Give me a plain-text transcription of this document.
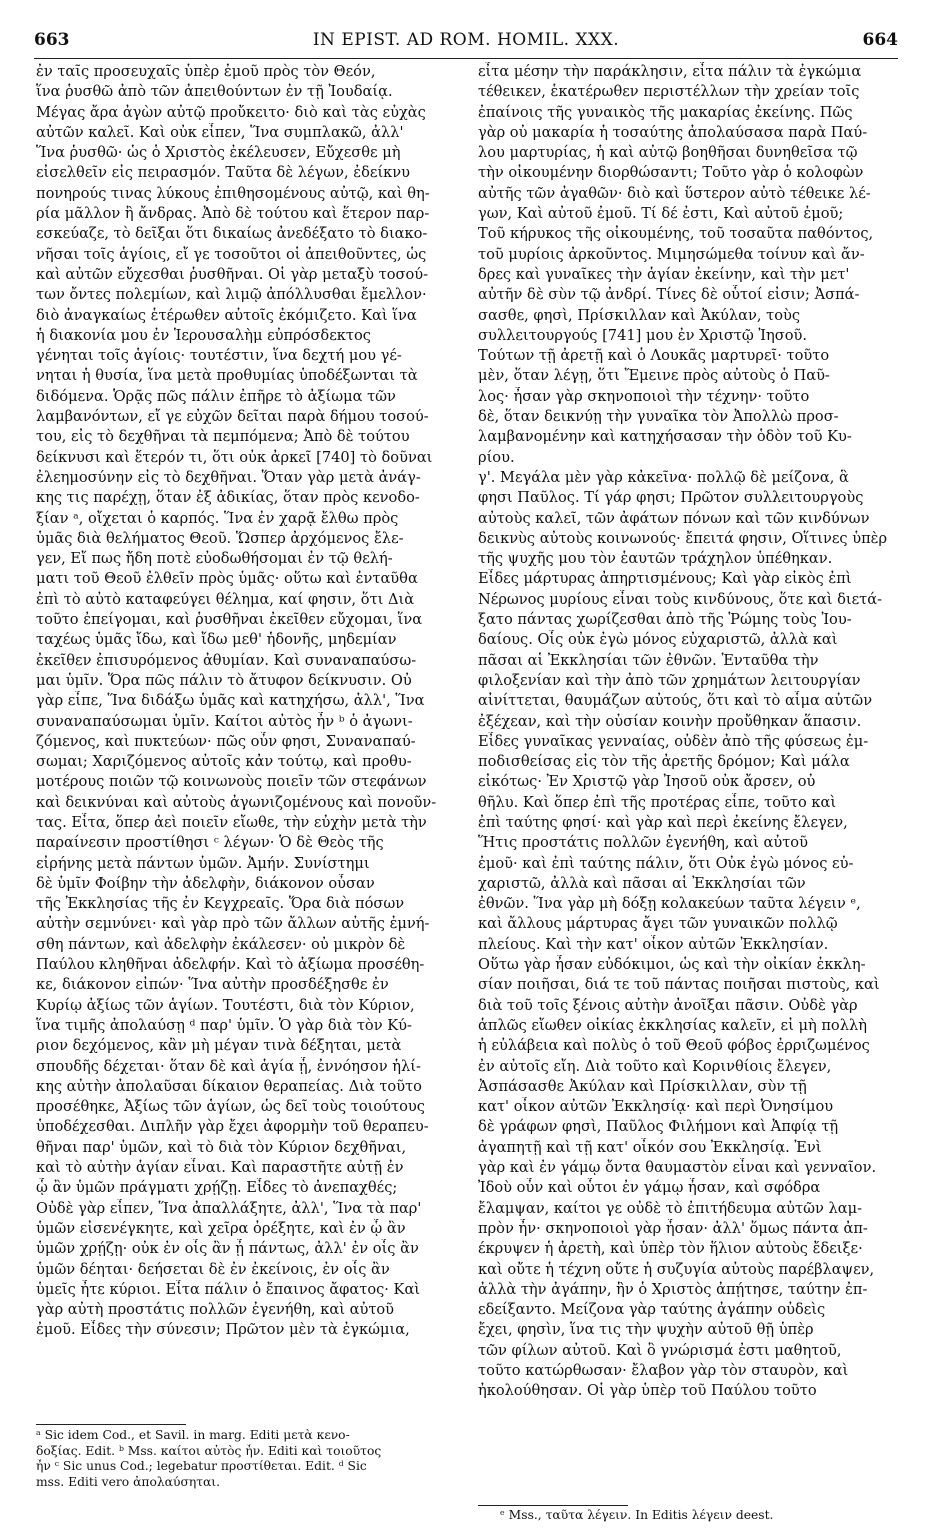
663	IN EPIST. AD ROM. HOMIL. XXX.	664
ἐν ταῖς προσευχαῖς ὑπὲρ ἐμοῦ πρὸς τὸν Θεόν,
ἵνα ῥυσθῶ ἀπὸ τῶν ἀπειθούντων ἐν τῇ Ἰουδαίᾳ.
Μέγας ἄρα ἀγὼν αὐτῷ προὔκειτο· διὸ καὶ τὰς εὐχὰς
αὐτῶν καλεῖ. Καὶ οὐκ εἶπεν, Ἵνα συμπλακῶ, ἀλλ'
Ἵνα ῥυσθῶ· ὡς ὁ Χριστὸς ἐκέλευσεν, Εὔχεσθε μὴ
εἰσελθεῖν εἰς πειρασμόν. Ταῦτα δὲ λέγων, ἐδείκνυ
πονηρούς τινας λύκους ἐπιθησομένους αὐτῷ, καὶ θη-
ρία μᾶλλον ἢ ἄνδρας. Ἀπὸ δὲ τούτου καὶ ἕτερον παρ-
εσκεύαζε, τὸ δεῖξαι ὅτι δικαίως ἀνεδέξατο τὸ διακο-
νῆσαι τοῖς ἁγίοις, εἴ γε τοσοῦτοι οἱ ἀπειθοῦντες, ὡς
καὶ αὐτῶν εὔχεσθαι ῥυσθῆναι. Οἱ γὰρ μεταξὺ τοσού-
των ὄντες πολεμίων, καὶ λιμῷ ἀπόλλυσθαι ἔμελλον·
διὸ ἀναγκαίως ἑτέρωθεν αὐτοῖς ἐκόμιζετο. Καὶ ἵνα
ἡ διακονία μου ἐν Ἱερουσαλὴμ εὐπρόσδεκτος
γένηται τοῖς ἁγίοις· τουτέστιν, ἵνα δεχτή μου γέ-
νηται ἡ θυσία, ἵνα μετὰ προθυμίας ὑποδέξωνται τὰ
διδόμενα. Ὁρᾷς πῶς πάλιν ἐπῆρε τὸ ἀξίωμα τῶν
λαμβανόντων, εἴ γε εὐχῶν δεῖται παρὰ δήμου τοσού-
του, εἰς τὸ δεχθῆναι τὰ πεμπόμενα; Ἀπὸ δὲ τούτου
δείκνυσι καὶ ἕτερόν τι, ὅτι οὐκ ἀρκεῖ [740] τὸ δοῦναι
ἐλεημοσύνην εἰς τὸ δεχθῆναι. Ὅταν γὰρ μετὰ ἀνάγ-
κης τις παρέχῃ, ὅταν ἐξ ἀδικίας, ὅταν πρὸς κενοδο-
ξίαν ᵃ, οἴχεται ὁ καρπός. Ἵνα ἐν χαρᾷ ἔλθω πρὸς
ὑμᾶς διὰ θελήματος Θεοῦ. Ὥσπερ ἀρχόμενος ἔλε-
γεν, Εἴ πως ἤδη ποτὲ εὐοδωθήσομαι ἐν τῷ θελή-
ματι τοῦ Θεοῦ ἐλθεῖν πρὸς ὑμᾶς· οὕτω καὶ ἐνταῦθα
ἐπὶ τὸ αὐτὸ καταφεύγει θέλημα, καί φησιν, ὅτι Διὰ
τοῦτο ἐπείγομαι, καὶ ῥυσθῆναι ἐκεῖθεν εὔχομαι, ἵνα
ταχέως ὑμᾶς ἴδω, καὶ ἴδω μεθ' ἡδονῆς, μηδεμίαν
ἐκεῖθεν ἐπισυρόμενος ἀθυμίαν. Καὶ συναναπαύσω-
μαι ὑμῖν. Ὅρα πῶς πάλιν τὸ ἄτυφον δείκνυσιν. Οὐ
γὰρ εἶπε, Ἵνα διδάξω ὑμᾶς καὶ κατηχήσω, ἀλλ', Ἵνα
συναναπαύσωμαι ὑμῖν. Καίτοι αὐτὸς ἦν ᵇ ὁ ἀγωνι-
ζόμενος, καὶ πυκτεύων· πῶς οὖν φησι, Συναναπαύ-
σωμαι; Χαριζόμενος αὐτοῖς κἀν τούτῳ, καὶ προθυ-
μοτέρους ποιῶν τῷ κοινωνοὺς ποιεῖν τῶν στεφάνων
καὶ δεικνύναι καὶ αὐτοὺς ἀγωνιζομένους καὶ πονοῦν-
τας. Εἶτα, ὅπερ ἀεὶ ποιεῖν εἴωθε, τὴν εὐχὴν μετὰ τὴν
παραίνεσιν προστίθησι ᶜ λέγων· Ὁ δὲ Θεὸς τῆς
εἰρήνης μετὰ πάντων ὑμῶν. Ἀμήν. Συνίστημι
δὲ ὑμῖν Φοίβην τὴν ἀδελφὴν, διάκονον οὖσαν
τῆς Ἐκκλησίας τῆς ἐν Κεγχρεαῖς. Ὅρα διὰ πόσων
αὐτὴν σεμνύνει· καὶ γὰρ πρὸ τῶν ἄλλων αὐτῆς ἐμνή-
σθη πάντων, καὶ ἀδελφὴν ἐκάλεσεν· οὐ μικρὸν δὲ
Παύλου κληθῆναι ἀδελφήν. Καὶ τὸ ἀξίωμα προσέθη-
κε, διάκονον εἰπών· Ἵνα αὐτὴν προσδέξησθε ἐν
Κυρίῳ ἀξίως τῶν ἁγίων. Τουτέστι, διὰ τὸν Κύριον,
ἵνα τιμῆς ἀπολαύσῃ ᵈ παρ' ὑμῖν. Ὁ γὰρ διὰ τὸν Κύ-
ριον δεχόμενος, κἂν μὴ μέγαν τινὰ δέξηται, μετὰ
σπουδῆς δέχεται· ὅταν δὲ καὶ ἁγία ᾖ, ἐννόησον ἡλί-
κης αὐτὴν ἀπολαῦσαι δίκαιον θεραπείας. Διὰ τοῦτο
προσέθηκε, Ἀξίως τῶν ἁγίων, ὡς δεῖ τοὺς τοιούτους
ὑποδέχεσθαι. Διπλῆν γὰρ ἔχει ἀφορμὴν τοῦ θεραπευ-
θῆναι παρ' ὑμῶν, καὶ τὸ διὰ τὸν Κύριον δεχθῆναι,
καὶ τὸ αὐτὴν ἁγίαν εἶναι. Καὶ παραστῆτε αὐτῇ ἐν
ᾧ ἂν ὑμῶν πράγματι χρῄζῃ. Εἶδες τὸ ἀνεπαχθές;
Οὐδὲ γὰρ εἶπεν, Ἵνα ἀπαλλάξητε, ἀλλ', Ἵνα τὰ παρ'
ὑμῶν εἰσενέγκητε, καὶ χεῖρα ὀρέξητε, καὶ ἐν ᾧ ἂν
ὑμῶν χρῄζῃ· οὐκ ἐν οἷς ἂν ᾖ πάντως, ἀλλ' ἐν οἷς ἂν
ὑμῶν δέηται· δεήσεται δὲ ἐν ἐκείνοις, ἐν οἷς ἂν
ὑμεῖς ἦτε κύριοι. Εἶτα πάλιν ὁ ἔπαινος ἄφατος· Καὶ
γὰρ αὐτὴ προστάτις πολλῶν ἐγενήθη, καὶ αὐτοῦ
ἐμοῦ. Εἶδες τὴν σύνεσιν; Πρῶτον μὲν τὰ ἐγκώμια,
εἶτα μέσην τὴν παράκλησιν, εἶτα πάλιν τὰ ἐγκώμια
τέθεικεν, ἑκατέρωθεν περιστέλλων τὴν χρείαν τοῖς
ἐπαίνοις τῆς γυναικὸς τῆς μακαρίας ἐκείνης. Πῶς
γὰρ οὐ μακαρία ἡ τοσαύτης ἀπολαύσασα παρὰ Παύ-
λου μαρτυρίας, ἡ καὶ αὐτῷ βοηθῆσαι δυνηθεῖσα τῷ
τὴν οἰκουμένην διορθώσαντι; Τοῦτο γὰρ ὁ κολοφὼν
αὐτῆς τῶν ἀγαθῶν· διὸ καὶ ὕστερον αὐτὸ τέθεικε λέ-
γων, Καὶ αὐτοῦ ἐμοῦ. Τί δέ ἐστι, Καὶ αὐτοῦ ἐμοῦ;
Τοῦ κήρυκος τῆς οἰκουμένης, τοῦ τοσαῦτα παθόντος,
τοῦ μυρίοις ἀρκοῦντος. Μιμησώμεθα τοίνυν καὶ ἄν-
δρες καὶ γυναῖκες τὴν ἁγίαν ἐκείνην, καὶ τὴν μετ'
αὐτῆν δὲ σὺν τῷ ἀνδρί. Τίνες δὲ οὗτοί εἰσιν; Ἀσπά-
σασθε, φησὶ, Πρίσκιλλαν καὶ Ἀκύλαν, τοὺς
συλλειτουργούς [741] μου ἐν Χριστῷ Ἰησοῦ.
Τούτων τῇ ἀρετῇ καὶ ὁ Λουκᾶς μαρτυρεῖ· τοῦτο
μὲν, ὅταν λέγῃ, ὅτι Ἔμεινε πρὸς αὐτοὺς ὁ Παῦ-
λος· ἦσαν γὰρ σκηνοποιοὶ τὴν τέχνην· τοῦτο
δὲ, ὅταν δεικνύῃ τὴν γυναῖκα τὸν Ἀπολλὼ προσ-
λαμβανομένην καὶ κατηχήσασαν τὴν ὁδὸν τοῦ Κυ-
ρίου.
γ'. Μεγάλα μὲν γὰρ κἀκεῖνα· πολλῷ δὲ μείζονα, ἃ
φησι Παῦλος. Τί γάρ φησι; Πρῶτον συλλειτουργοὺς
αὐτοὺς καλεῖ, τῶν ἀφάτων πόνων καὶ τῶν κινδύνων
δεικνὺς αὐτοὺς κοινωνούς· ἔπειτά φησιν, Οἵτινες ὑπὲρ
τῆς ψυχῆς μου τὸν ἑαυτῶν τράχηλον ὑπέθηκαν.
Εἶδες μάρτυρας ἀπηρτισμένους; Καὶ γὰρ εἰκὸς ἐπὶ
Νέρωνος μυρίους εἶναι τοὺς κινδύνους, ὅτε καὶ διετά-
ξατο πάντας χωρίζεσθαι ἀπὸ τῆς Ῥώμης τοὺς Ἰου-
δαίους. Οἷς οὐκ ἐγὼ μόνος εὐχαριστῶ, ἀλλὰ καὶ
πᾶσαι αἱ Ἐκκλησίαι τῶν ἐθνῶν. Ἐνταῦθα τὴν
φιλοξενίαν καὶ τὴν ἀπὸ τῶν χρημάτων λειτουργίαν
αἰνίττεται, θαυμάζων αὐτούς, ὅτι καὶ τὸ αἷμα αὐτῶν
ἐξέχεαν, καὶ τὴν οὐσίαν κοινὴν προὔθηκαν ἅπασιν.
Εἶδες γυναῖκας γενναίας, οὐδὲν ἀπὸ τῆς φύσεως ἐμ-
ποδισθείσας εἰς τὸν τῆς ἀρετῆς δρόμον; Καὶ μάλα
εἰκότως· Ἐν Χριστῷ γὰρ Ἰησοῦ οὐκ ἄρσεν, οὐ
θῆλυ. Καὶ ὅπερ ἐπὶ τῆς προτέρας εἶπε, τοῦτο καὶ
ἐπὶ ταύτης φησί· καὶ γὰρ καὶ περὶ ἐκείνης ἔλεγεν,
Ἥτις προστάτις πολλῶν ἐγενήθη, καὶ αὐτοῦ
ἐμοῦ· καὶ ἐπὶ ταύτης πάλιν, ὅτι Οὐκ ἐγὼ μόνος εὐ-
χαριστῶ, ἀλλὰ καὶ πᾶσαι αἱ Ἐκκλησίαι τῶν
ἐθνῶν. Ἵνα γὰρ μὴ δόξῃ κολακεύων ταῦτα λέγειν ᵉ,
καὶ ἄλλους μάρτυρας ἄγει τῶν γυναικῶν πολλῷ
πλείους. Καὶ τὴν κατ' οἶκον αὐτῶν Ἐκκλησίαν.
Οὕτω γὰρ ἦσαν εὐδόκιμοι, ὡς καὶ τὴν οἰκίαν ἐκκλη-
σίαν ποιῆσαι, διά τε τοῦ πάντας ποιῆσαι πιστοὺς, καὶ
διὰ τοῦ τοῖς ξένοις αὐτὴν ἀνοῖξαι πᾶσιν. Οὐδὲ γὰρ
ἁπλῶς εἴωθεν οἰκίας ἐκκλησίας καλεῖν, εἰ μὴ πολλὴ
ἡ εὐλάβεια καὶ πολὺς ὁ τοῦ Θεοῦ φόβος ἐρριζωμένος
ἐν αὐτοῖς εἴη. Διὰ τοῦτο καὶ Κορινθίοις ἔλεγεν,
Ἀσπάσασθε Ἀκύλαν καὶ Πρίσκιλλαν, σὺν τῇ
κατ' οἶκον αὐτῶν Ἐκκλησίᾳ· καὶ περὶ Ὀνησίμου
δὲ γράφων φησὶ, Παῦλος Φιλήμονι καὶ Ἀπφίᾳ τῇ
ἀγαπητῇ καὶ τῇ κατ' οἶκόν σου Ἐκκλησίᾳ. Ἐνὶ
γὰρ καὶ ἐν γάμῳ ὄντα θαυμαστὸν εἶναι καὶ γενναῖον.
Ἰδοὺ οὖν καὶ οὗτοι ἐν γάμῳ ἦσαν, καὶ σφόδρα
ἔλαμψαν, καίτοι γε οὐδὲ τὸ ἐπιτήδευμα αὐτῶν λαμ-
πρὸν ἦν· σκηνοποιοὶ γὰρ ἦσαν· ἀλλ' ὅμως πάντα ἀπ-
έκρυψεν ἡ ἀρετὴ, καὶ ὑπὲρ τὸν ἥλιον αὐτοὺς ἔδειξε·
καὶ οὔτε ἡ τέχνη οὔτε ἡ συζυγία αὐτοὺς παρέβλαψεν,
ἀλλὰ τὴν ἀγάπην, ἣν ὁ Χριστὸς ἀπῄτησε, ταύτην ἐπ-
εδείξαντο. Μείζονα γὰρ ταύτης ἀγάπην οὐδεὶς
ἔχει, φησὶν, ἵνα τις τὴν ψυχὴν αὐτοῦ θῇ ὑπὲρ
τῶν φίλων αὐτοῦ. Καὶ ὃ γνώρισμά ἐστι μαθητοῦ,
τοῦτο κατώρθωσαν· ἔλαβον γὰρ τὸν σταυρὸν, καὶ
ἠκολούθησαν. Οἱ γὰρ ὑπὲρ τοῦ Παύλου τοῦτο
ᵃ Sic idem Cod., et Savil. in marg. Editi μετὰ κενο-
δοξίας. Edit. ᵇ Mss. καίτοι αὐτὸς ἦν. Editi καὶ τοιοῦτος
ἦν ᶜ Sic unus Cod.; legebatur προστίθεται. Edit. ᵈ Sic
mss. Editi vero ἀπολαύσηται.
ᵉ Mss., ταῦτα λέγειν. In Editis λέγειν deest.
